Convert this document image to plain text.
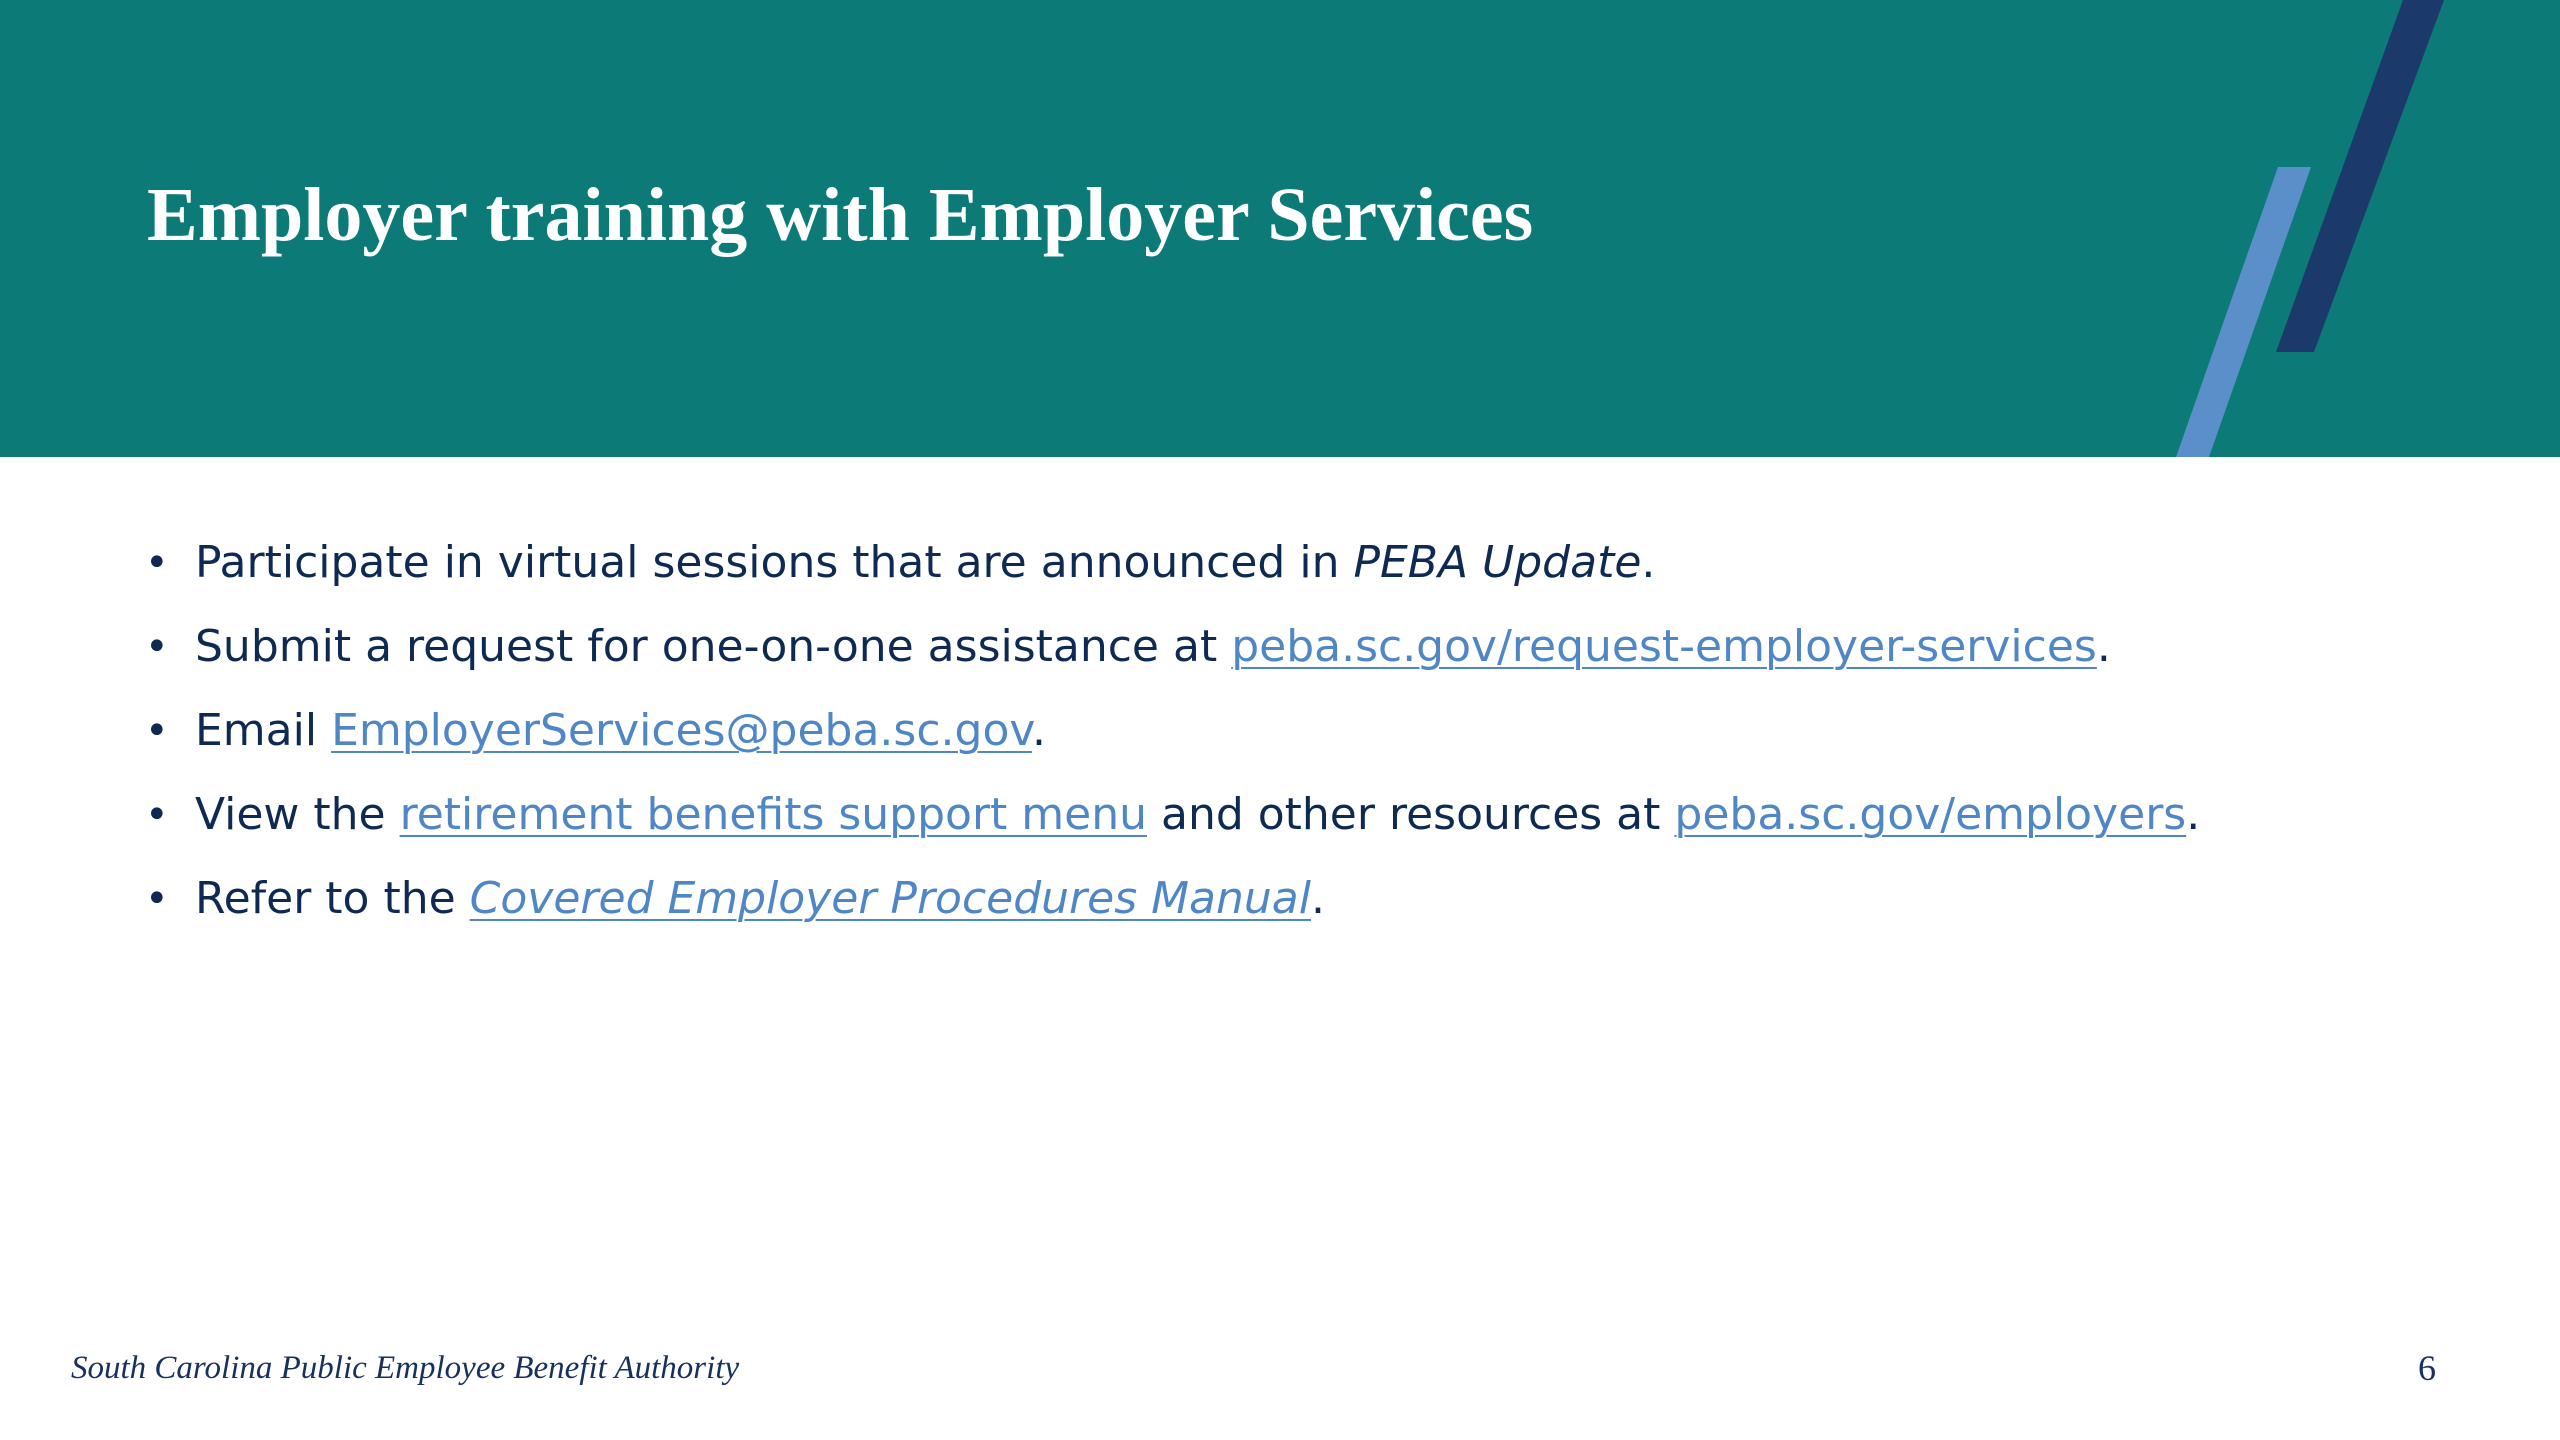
Employer training with Employer Services
• Participate in virtual sessions that are announced in PEBA Update.
• Submit a request for one-on-one assistance at peba.sc.gov/request-employer-services.
• Email EmployerServices@peba.sc.gov.
• View the retirement benefits support menu and other resources at peba.sc.gov/employers.
• Refer to the Covered Employer Procedures Manual.
South Carolina Public Employee Benefit Authority	6
